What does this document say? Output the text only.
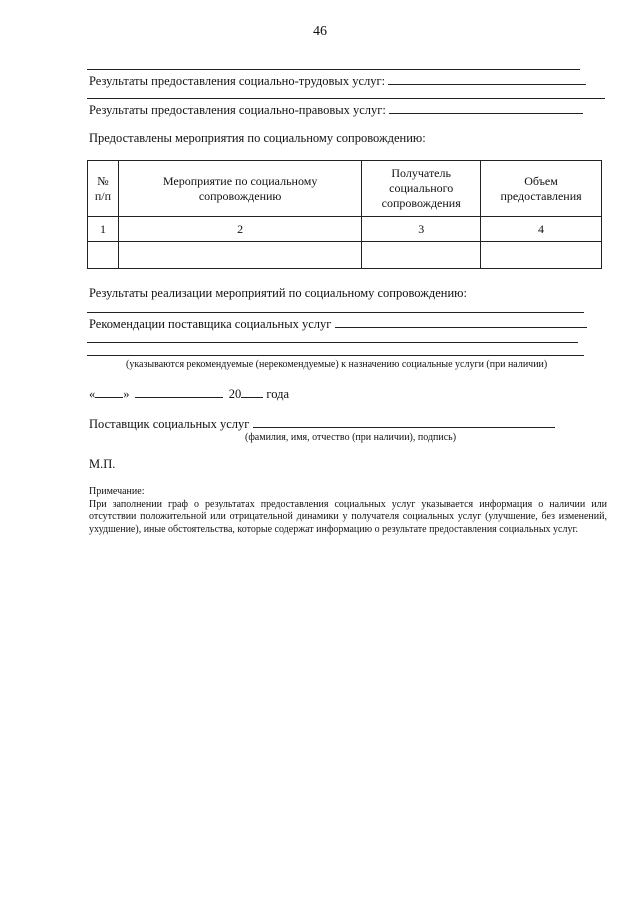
46
Результаты предоставления социально-трудовых услуг:
Результаты предоставления социально-правовых услуг:
Предоставлены мероприятия по социальному сопровождению:
№ п/п	Мероприятие по социальному сопровождению	Получатель социального сопровождения	Объем предоставления
1	2	3	4

Результаты реализации мероприятий по социальному сопровождению:
Рекомендации поставщика социальных услуг
(указываются рекомендуемые (нерекомендуемые) к назначению социальные услуги (при наличии)
« »	20 года
Поставщик социальных услуг
(фамилия, имя, отчество (при наличии), подпись)
М.П.
Примечание:
При заполнении граф о результатах предоставления социальных услуг указывается информация о наличии или отсутствии положительной или отрицательной динамики у получателя социальных услуг (улучшение, без изменений, ухудшение), иные обстоятельства, которые содержат информацию о результате предоставления социальных услуг.
